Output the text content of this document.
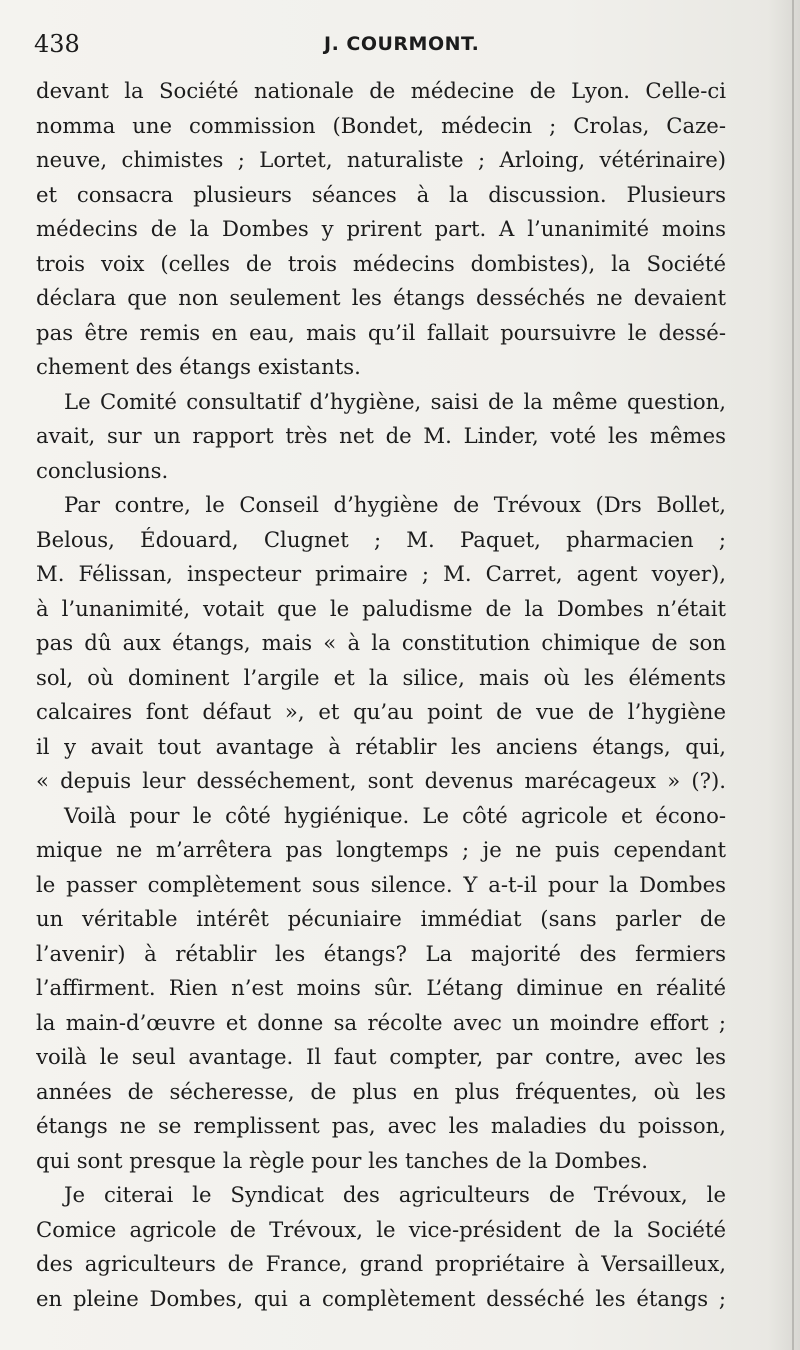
438	J. COURMONT.
devant la Société nationale de médecine de Lyon. Celle-ci
nomma une commission (Bondet, médecin ; Crolas, Caze-
neuve, chimistes ; Lortet, naturaliste ; Arloing, vétérinaire)
et consacra plusieurs séances à la discussion. Plusieurs
médecins de la Dombes y prirent part. A l’unanimité moins
trois voix (celles de trois médecins dombistes), la Société
déclara que non seulement les étangs desséchés ne devaient
pas être remis en eau, mais qu’il fallait poursuivre le dessé-
chement des étangs existants.
Le Comité consultatif d’hygiène, saisi de la même question,
avait, sur un rapport très net de M. Linder, voté les mêmes
conclusions.
Par contre, le Conseil d’hygiène de Trévoux (Drs Bollet,
Belous, Édouard, Clugnet ; M. Paquet, pharmacien ;
M. Félissan, inspecteur primaire ; M. Carret, agent voyer),
à l’unanimité, votait que le paludisme de la Dombes n’était
pas dû aux étangs, mais « à la constitution chimique de son
sol, où dominent l’argile et la silice, mais où les éléments
calcaires font défaut », et qu’au point de vue de l’hygiène
il y avait tout avantage à rétablir les anciens étangs, qui,
« depuis leur desséchement, sont devenus marécageux » (?).
Voilà pour le côté hygiénique. Le côté agricole et écono-
mique ne m’arrêtera pas longtemps ; je ne puis cependant
le passer complètement sous silence. Y a-t-il pour la Dombes
un véritable intérêt pécuniaire immédiat (sans parler de
l’avenir) à rétablir les étangs? La majorité des fermiers
l’affirment. Rien n’est moins sûr. L’étang diminue en réalité
la main-d’œuvre et donne sa récolte avec un moindre effort ;
voilà le seul avantage. Il faut compter, par contre, avec les
années de sécheresse, de plus en plus fréquentes, où les
étangs ne se remplissent pas, avec les maladies du poisson,
qui sont presque la règle pour les tanches de la Dombes.
Je citerai le Syndicat des agriculteurs de Trévoux, le
Comice agricole de Trévoux, le vice-président de la Société
des agriculteurs de France, grand propriétaire à Versailleux,
en pleine Dombes, qui a complètement desséché les étangs ;
